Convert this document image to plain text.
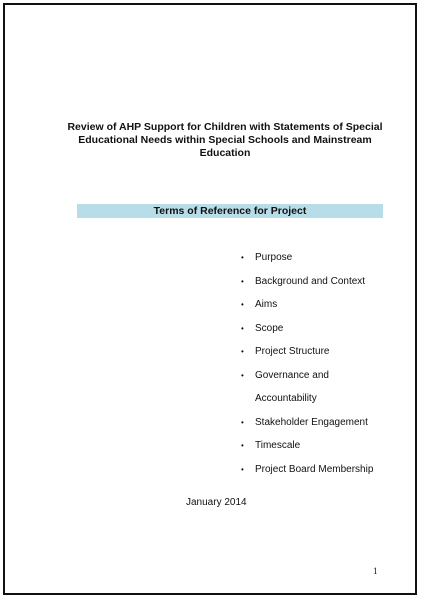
Review of AHP Support for Children with Statements of Special
Educational Needs within Special Schools and Mainstream
Education
Terms of Reference for Project
• Purpose
• Background and Context
• Aims
• Scope
• Project Structure
• Governance and
Accountability
• Stakeholder Engagement
• Timescale
• Project Board Membership
January 2014
1
